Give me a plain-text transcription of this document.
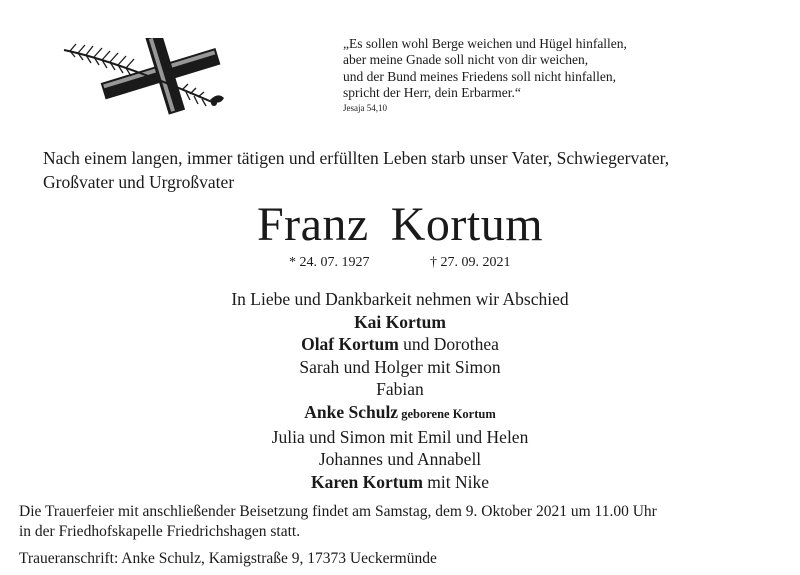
„Es sollen wohl Berge weichen und Hügel hinfallen,
aber meine Gnade soll nicht von dir weichen,
und der Bund meines Friedens soll nicht hinfallen,
spricht der Herr, dein Erbarmer.“
Jesaja 54,10
Nach einem langen, immer tätigen und erfüllten Leben starb unser Vater, Schwiegervater,
Großvater und Urgroßvater
Franz Kortum
* 24. 07. 1927	† 27. 09. 2021
In Liebe und Dankbarkeit nehmen wir Abschied
Kai Kortum
Olaf Kortum und Dorothea
Sarah und Holger mit Simon
Fabian
Anke Schulz geborene Kortum
Julia und Simon mit Emil und Helen
Johannes und Annabell
Karen Kortum mit Nike
Die Trauerfeier mit anschließender Beisetzung findet am Samstag, dem 9. Oktober 2021 um 11.00 Uhr
in der Friedhofskapelle Friedrichshagen statt.
Traueranschrift: Anke Schulz, Kamigstraße 9, 17373 Ueckermünde
